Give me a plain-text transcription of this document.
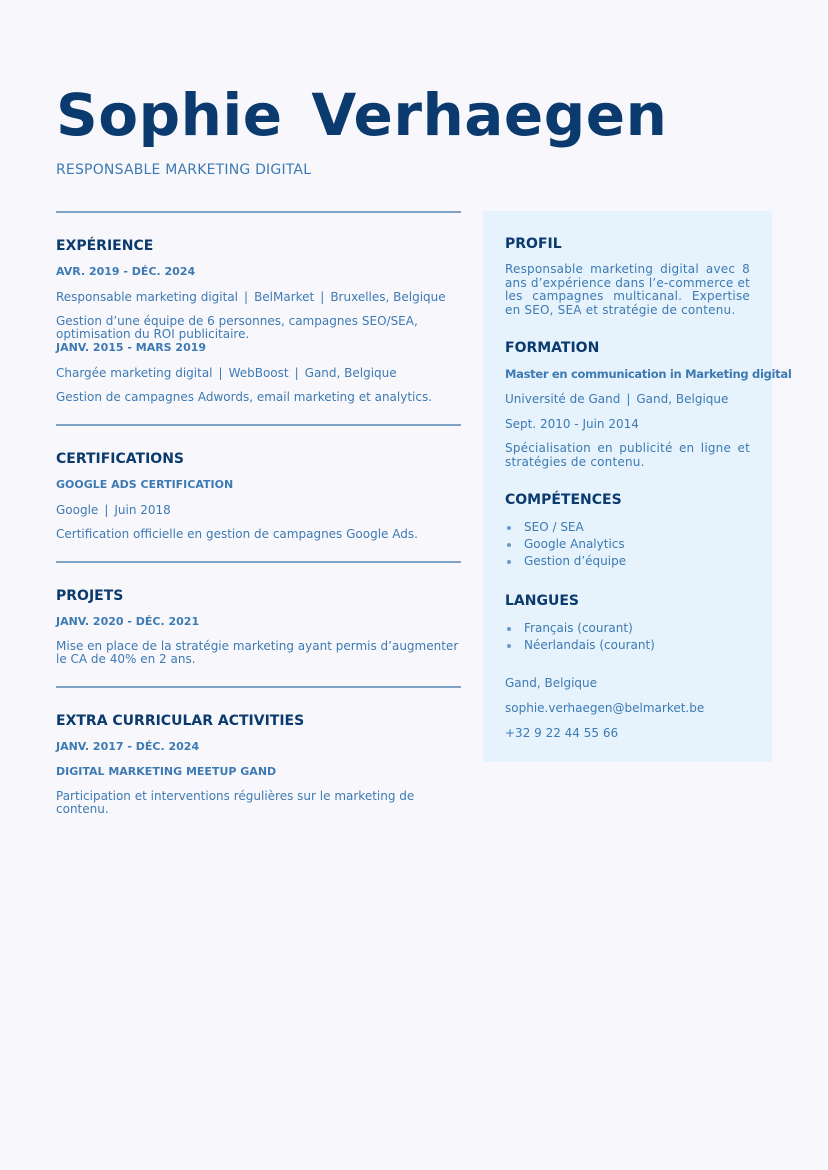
Sophie Verhaegen
RESPONSABLE MARKETING DIGITAL
EXPÉRIENCE
AVR. 2019 - DÉC. 2024
Responsable marketing digital | BelMarket | Bruxelles, Belgique
Gestion d’une équipe de 6 personnes, campagnes SEO/SEA, optimisation du ROI publicitaire.
JANV. 2015 - MARS 2019
Chargée marketing digital | WebBoost | Gand, Belgique
Gestion de campagnes Adwords, email marketing et analytics.
CERTIFICATIONS
GOOGLE ADS CERTIFICATION
Google | Juin 2018
Certification officielle en gestion de campagnes Google Ads.
PROJETS
JANV. 2020 - DÉC. 2021
Mise en place de la stratégie marketing ayant permis d’augmenter le CA de 40% en 2 ans.
EXTRA CURRICULAR ACTIVITIES
JANV. 2017 - DÉC. 2024
DIGITAL MARKETING MEETUP GAND
Participation et interventions régulières sur le marketing de contenu.
PROFIL
Responsable marketing digital avec 8 ans d’expérience dans l’e-commerce et les campagnes multicanal. Expertise en SEO, SEA et stratégie de contenu.
FORMATION
Master en communication in Marketing digital
Université de Gand | Gand, Belgique
Sept. 2010 - Juin 2014
Spécialisation en publicité en ligne et stratégies de contenu.
COMPÉTENCES
SEO / SEA
Google Analytics
Gestion d’équipe
LANGUES
Français (courant)
Néerlandais (courant)
Gand, Belgique
sophie.verhaegen@belmarket.be
+32 9 22 44 55 66
